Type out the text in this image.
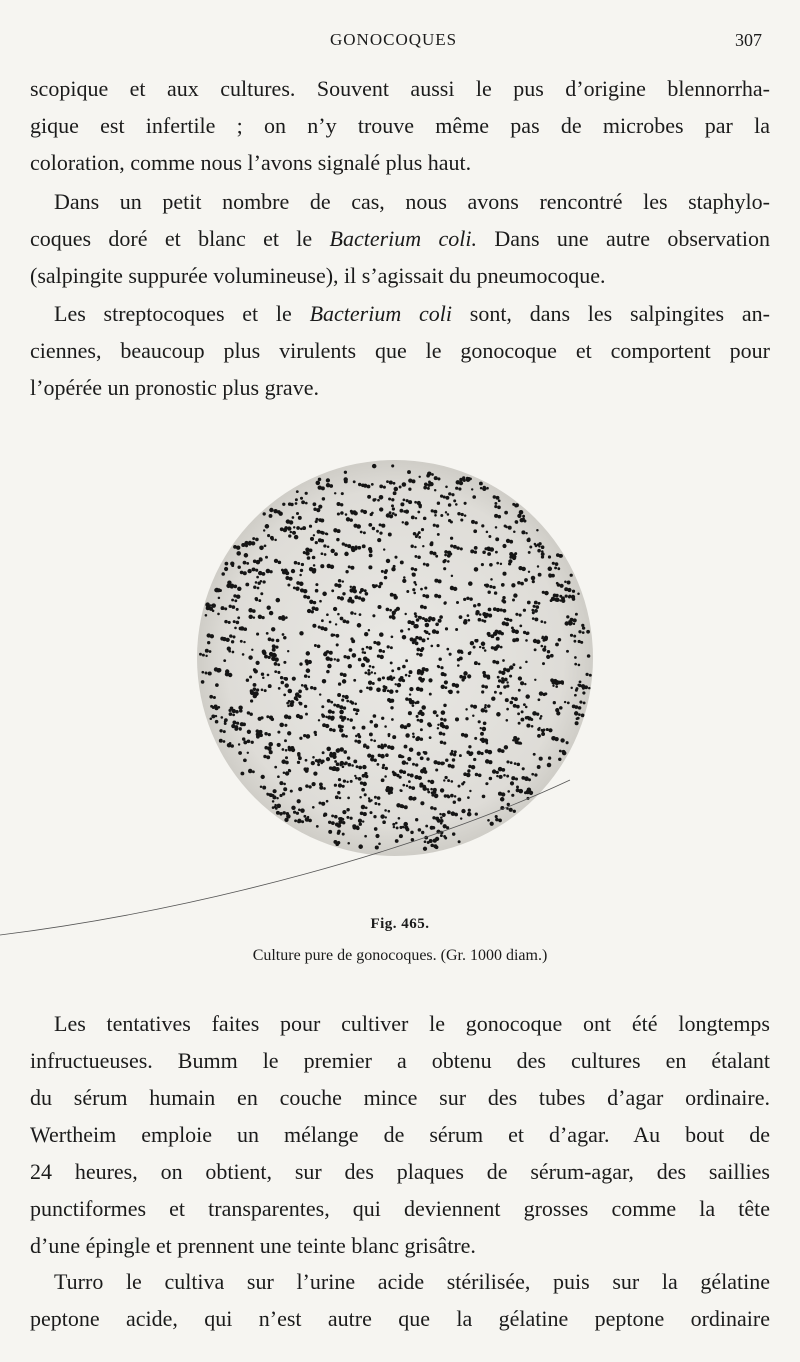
GONOCOQUES	307

scopique et aux cultures. Souvent aussi le pus d’origine blennorrha-
gique est infertile ; on n’y trouve même pas de microbes par la
coloration, comme nous l’avons signalé plus haut.

Dans un petit nombre de cas, nous avons rencontré les staphylo-
coques doré et blanc et le Bacterium coli. Dans une autre observation
(salpingite suppurée volumineuse), il s’agissait du pneumocoque.

Les streptocoques et le Bacterium coli sont, dans les salpingites an-
ciennes, beaucoup plus virulents que le gonocoque et comportent pour
l’opérée un pronostic plus grave.

Fig. 465.
Culture pure de gonocoques. (Gr. 1000 diam.)

Les tentatives faites pour cultiver le gonocoque ont été longtemps
infructueuses. Bumm le premier a obtenu des cultures en étalant
du sérum humain en couche mince sur des tubes d’agar ordinaire.
Wertheim emploie un mélange de sérum et d’agar. Au bout de
24 heures, on obtient, sur des plaques de sérum-agar, des saillies
punctiformes et transparentes, qui deviennent grosses comme la tête
d’une épingle et prennent une teinte blanc grisâtre.

Turro le cultiva sur l’urine acide stérilisée, puis sur la gélatine
peptone acide, qui n’est autre que la gélatine peptone ordinaire
